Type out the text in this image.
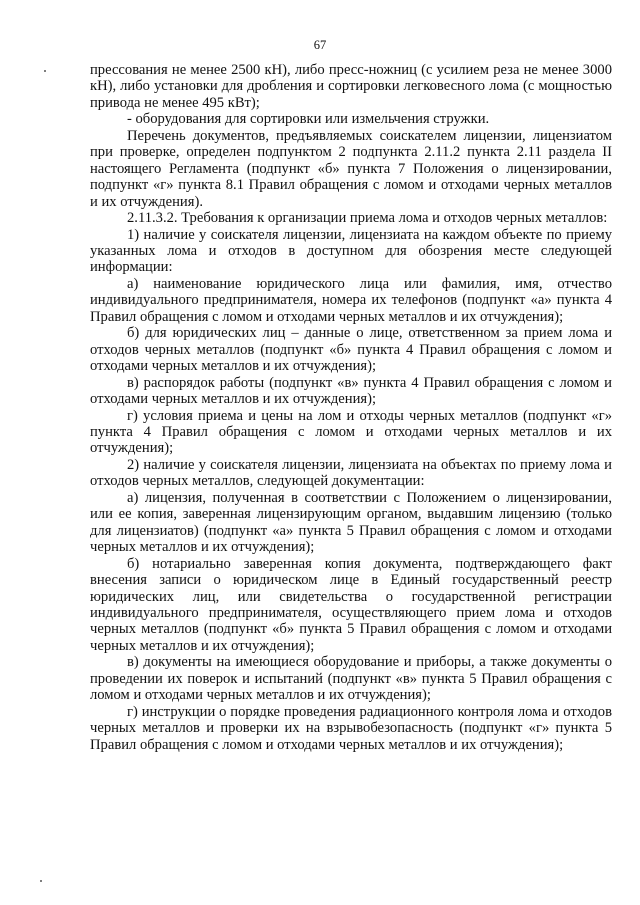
67

прессования не менее 2500 кН), либо пресс-ножниц (с усилием реза не менее 3000 кН), либо установки для дробления и сортировки легковесного лома (с мощностью привода не менее 495 кВт);

- оборудования для сортировки или измельчения стружки.

Перечень документов, предъявляемых соискателем лицензии, лицензиатом при проверке, определен подпунктом 2 подпункта 2.11.2 пункта 2.11 раздела II настоящего Регламента (подпункт «б» пункта 7 Положения о лицензировании, подпункт «г» пункта 8.1 Правил обращения с ломом и отходами черных металлов и их отчуждения).

2.11.3.2. Требования к организации приема лома и отходов черных металлов:

1) наличие у соискателя лицензии, лицензиата на каждом объекте по приему указанных лома и отходов в доступном для обозрения месте следующей информации:

а) наименование юридического лица или фамилия, имя, отчество индивидуального предпринимателя, номера их телефонов (подпункт «а» пункта 4 Правил обращения с ломом и отходами черных металлов и их отчуждения);

б) для юридических лиц – данные о лице, ответственном за прием лома и отходов черных металлов (подпункт «б» пункта 4 Правил обращения с ломом и отходами черных металлов и их отчуждения);

в) распорядок работы (подпункт «в» пункта 4 Правил обращения с ломом и отходами черных металлов и их отчуждения);

г) условия приема и цены на лом и отходы черных металлов (подпункт «г» пункта 4 Правил обращения с ломом и отходами черных металлов и их отчуждения);

2) наличие у соискателя лицензии, лицензиата на объектах по приему лома и отходов черных металлов, следующей документации:

а) лицензия, полученная в соответствии с Положением о лицензировании, или ее копия, заверенная лицензирующим органом, выдавшим лицензию (только для лицензиатов) (подпункт «а» пункта 5 Правил обращения с ломом и отходами черных металлов и их отчуждения);

б) нотариально заверенная копия документа, подтверждающего факт внесения записи о юридическом лице в Единый государственный реестр юридических лиц, или свидетельства о государственной регистрации индивидуального предпринимателя, осуществляющего прием лома и отходов черных металлов (подпункт «б» пункта 5 Правил обращения с ломом и отходами черных металлов и их отчуждения);

в) документы на имеющиеся оборудование и приборы, а также документы о проведении их поверок и испытаний (подпункт «в» пункта 5 Правил обращения с ломом и отходами черных металлов и их отчуждения);

г) инструкции о порядке проведения радиационного контроля лома и отходов черных металлов и проверки их на взрывобезопасность (подпункт «г» пункта 5 Правил обращения с ломом и отходами черных металлов и их отчуждения);
